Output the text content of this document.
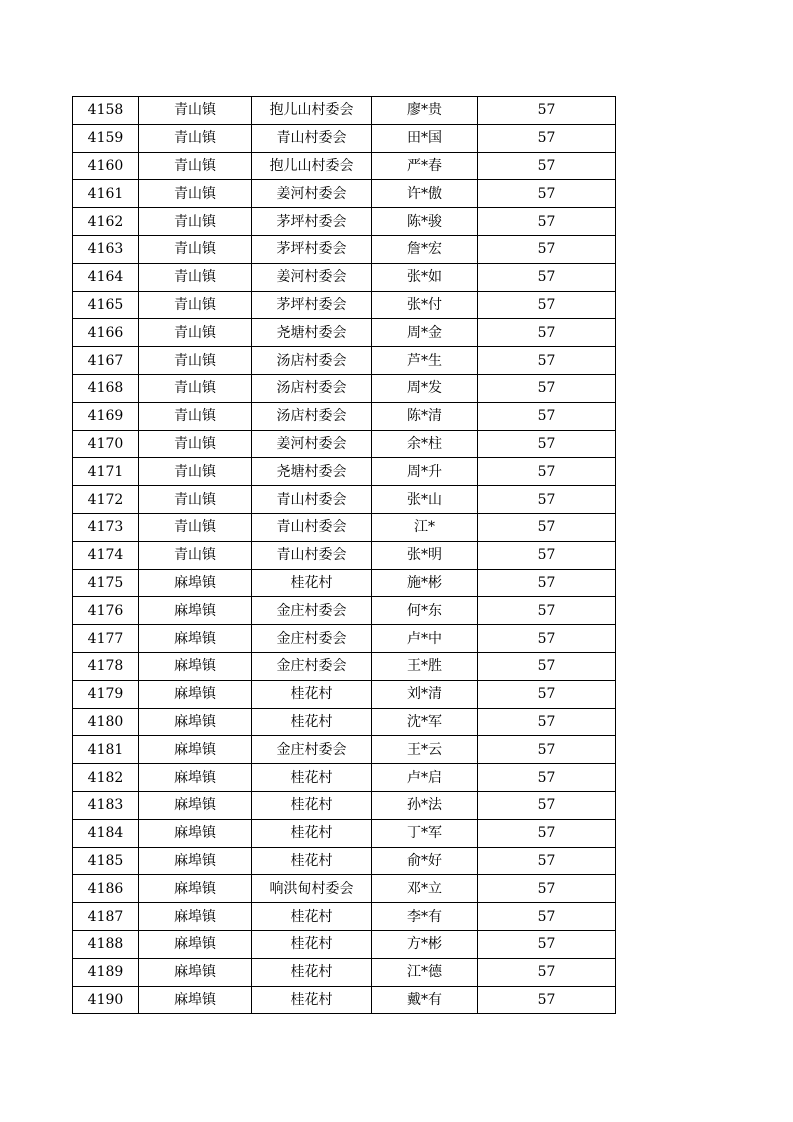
4158	青山镇	抱儿山村委会	廖*贵	57
4159	青山镇	青山村委会	田*国	57
4160	青山镇	抱儿山村委会	严*春	57
4161	青山镇	姜河村委会	许*傲	57
4162	青山镇	茅坪村委会	陈*骏	57
4163	青山镇	茅坪村委会	詹*宏	57
4164	青山镇	姜河村委会	张*如	57
4165	青山镇	茅坪村委会	张*付	57
4166	青山镇	尧塘村委会	周*金	57
4167	青山镇	汤店村委会	芦*生	57
4168	青山镇	汤店村委会	周*发	57
4169	青山镇	汤店村委会	陈*清	57
4170	青山镇	姜河村委会	余*柱	57
4171	青山镇	尧塘村委会	周*升	57
4172	青山镇	青山村委会	张*山	57
4173	青山镇	青山村委会	江*	57
4174	青山镇	青山村委会	张*明	57
4175	麻埠镇	桂花村	施*彬	57
4176	麻埠镇	金庄村委会	何*东	57
4177	麻埠镇	金庄村委会	卢*中	57
4178	麻埠镇	金庄村委会	王*胜	57
4179	麻埠镇	桂花村	刘*清	57
4180	麻埠镇	桂花村	沈*军	57
4181	麻埠镇	金庄村委会	王*云	57
4182	麻埠镇	桂花村	卢*启	57
4183	麻埠镇	桂花村	孙*法	57
4184	麻埠镇	桂花村	丁*军	57
4185	麻埠镇	桂花村	俞*好	57
4186	麻埠镇	响洪甸村委会	邓*立	57
4187	麻埠镇	桂花村	李*有	57
4188	麻埠镇	桂花村	方*彬	57
4189	麻埠镇	桂花村	江*德	57
4190	麻埠镇	桂花村	戴*有	57
